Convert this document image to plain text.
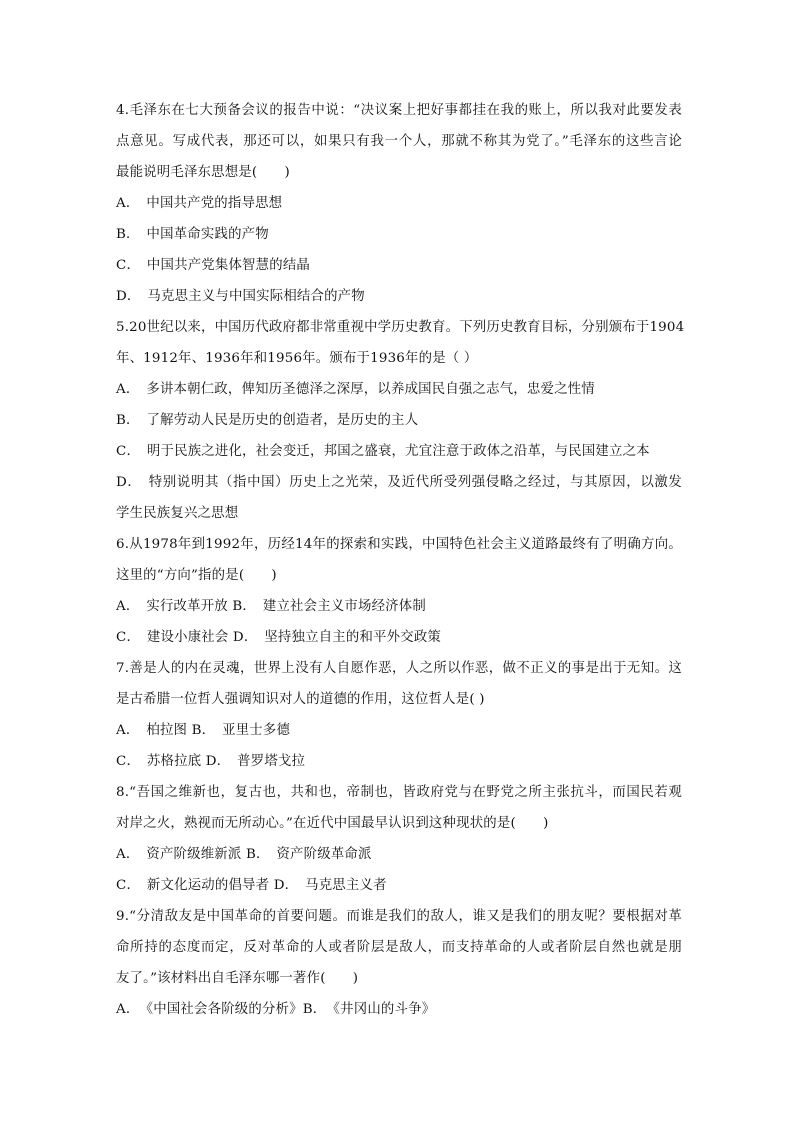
4.毛泽东在七大预备会议的报告中说：“决议案上把好事都挂在我的账上，所以我对此要发表
点意见。写成代表，那还可以，如果只有我一个人，那就不称其为党了。”毛泽东的这些言论
最能说明毛泽东思想是(　　)
A．　中国共产党的指导思想
B．　中国革命实践的产物
C．　中国共产党集体智慧的结晶
D．　马克思主义与中国实际相结合的产物
5.20世纪以来，中国历代政府都非常重视中学历史教育。下列历史教育目标，分别颁布于1904
年、1912年、1936年和1956年。颁布于1936年的是（ ）
A．　多讲本朝仁政，俾知历圣德泽之深厚，以养成国民自强之志气，忠爱之性情
B．　了解劳动人民是历史的创造者，是历史的主人
C．　明于民族之进化，社会变迁，邦国之盛衰，尤宜注意于政体之沿革，与民国建立之本
D．　特别说明其（指中国）历史上之光荣，及近代所受列强侵略之经过，与其原因，以激发
学生民族复兴之思想
6.从1978年到1992年，历经14年的探索和实践，中国特色社会主义道路最终有了明确方向。
这里的“方向”指的是(　　)
A．　实行改革开放 B．　建立社会主义市场经济体制
C．　建设小康社会 D．　坚持独立自主的和平外交政策
7.善是人的内在灵魂，世界上没有人自愿作恶，人之所以作恶，做不正义的事是出于无知。这
是古希腊一位哲人强调知识对人的道德的作用，这位哲人是( )
A．　柏拉图 B．　亚里士多德
C．　苏格拉底 D．　普罗塔戈拉
8.“吾国之维新也，复古也，共和也，帝制也，皆政府党与在野党之所主张抗斗，而国民若观
对岸之火，熟视而无所动心。”在近代中国最早认识到这种现状的是(　　)
A．　资产阶级维新派 B．　资产阶级革命派
C．　新文化运动的倡导者 D．　马克思主义者
9.“分清敌友是中国革命的首要问题。而谁是我们的敌人，谁又是我们的朋友呢？要根据对革
命所持的态度而定，反对革命的人或者阶层是敌人，而支持革命的人或者阶层自然也就是朋
友了。”该材料出自毛泽东哪一著作(　　)
A．　《中国社会各阶级的分析》B．　《井冈山的斗争》
